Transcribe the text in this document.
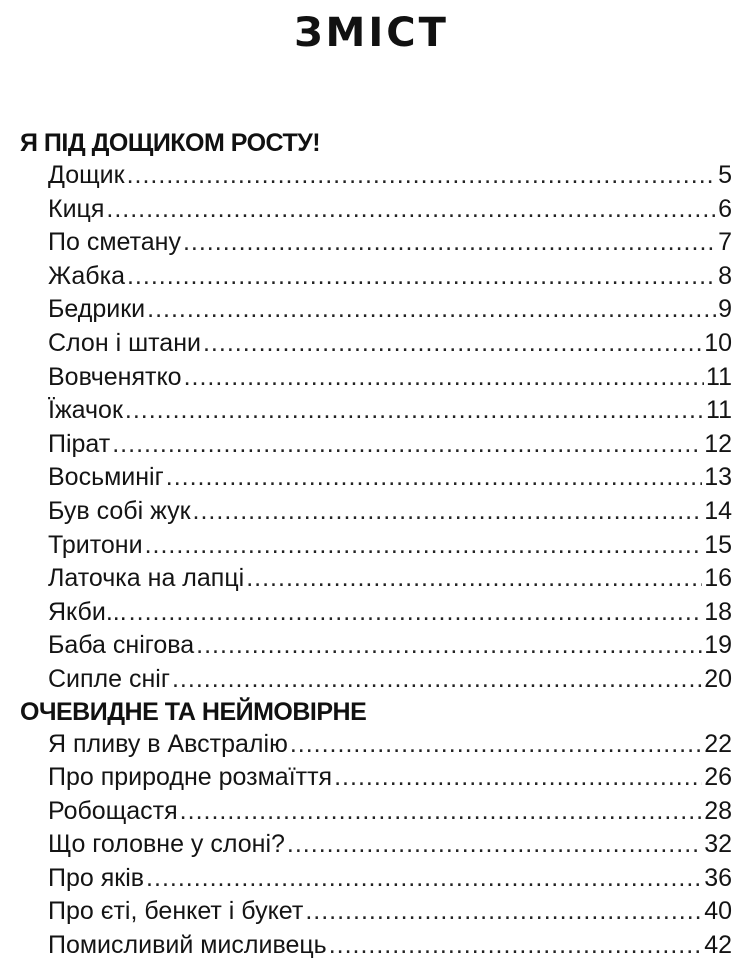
ЗМІСТ
Я ПІД ДОЩИКОМ РОСТУ!
Дощик .....	5
Киця .....	6
По сметану .....	7
Жабка .....	8
Бедрики .....	9
Слон і штани .....	10
Вовченятко .....	11
Їжачок .....	11
Пірат .....	12
Восьминіг .....	13
Був собі жук .....	14
Тритони .....	15
Латочка на лапці .....	16
Якби... .....	18
Баба снігова .....	19
Сипле сніг .....	20
ОЧЕВИДНЕ ТА НЕЙМОВІРНЕ
Я пливу в Австралію .....	22
Про природне розмаїття .....	26
Робощастя .....	28
Що головне у слоні? .....	32
Про яків .....	36
Про єті, бенкет і букет .....	40
Помисливий мисливець .....	42
